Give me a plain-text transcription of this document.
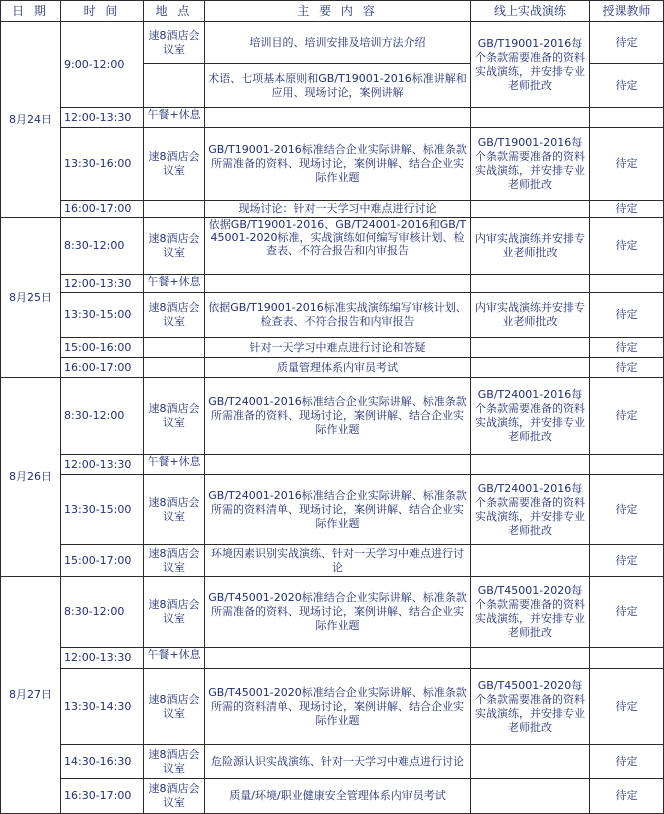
日 期	时 间	地 点	主 要 内 容	线上实战演练	授课教师
8月24日	9:00-12:00	速8酒店会议室	培训目的、培训安排及培训方法介绍	GB/T19001-2016每个条款需要准备的资料实战演练，并安排专业老师批改	待定
			术语、七项基本原则和GB/T19001-2016标准讲解和应用、现场讨论，案例讲解		待定
	12:00-13:30	午餐+休息			
	13:30-16:00	速8酒店会议室	GB/T19001-2016标准结合企业实际讲解、标准条款所需准备的资料、现场讨论，案例讲解、结合企业实际作业题	GB/T19001-2016每个条款需要准备的资料实战演练，并安排专业老师批改	待定
	16:00-17:00		现场讨论：针对一天学习中难点进行讨论		待定
8月25日	8:30-12:00	速8酒店会议室	依据GB/T19001-2016、GB/T24001-2016和GB/T45001-2020标准，实战演练如何编写审核计划、检查表、不符合报告和内审报告	内审实战演练并安排专业老师批改	待定
	12:00-13:30	午餐+休息			
	13:30-15:00	速8酒店会议室	依据GB/T19001-2016标准实战演练编写审核计划、检查表、不符合报告和内审报告	内审实战演练并安排专业老师批改	待定
	15:00-16:00		针对一天学习中难点进行讨论和答疑		待定
	16:00-17:00		质量管理体系内审员考试		待定
8月26日	8:30-12:00	速8酒店会议室	GB/T24001-2016标准结合企业实际讲解、标准条款所需准备的资料、现场讨论，案例讲解、结合企业实际作业题	GB/T24001-2016每个条款需要准备的资料实战演练，并安排专业老师批改	待定
	12:00-13:30	午餐+休息			
	13:30-15:00	速8酒店会议室	GB/T24001-2016标准结合企业实际讲解、标准条款所需的资料清单、现场讨论，案例讲解、结合企业实际作业题	GB/T24001-2016每个条款需要准备的资料实战演练，并安排专业老师批改	待定
	15:00-17:00	速8酒店会议室	环境因素识别实战演练、针对一天学习中难点进行讨论		待定
8月27日	8:30-12:00	速8酒店会议室	GB/T45001-2020标准结合企业实际讲解、标准条款所需准备的资料、现场讨论，案例讲解、结合企业实际作业题	GB/T45001-2020每个条款需要准备的资料实战演练，并安排专业老师批改	待定
	12:00-13:30	午餐+休息			
	13:30-14:30	速8酒店会议室	GB/T45001-2020标准结合企业实际讲解、标准条款所需的资料清单、现场讨论，案例讲解、结合企业实际作业题	GB/T45001-2020每个条款需要准备的资料实战演练，并安排专业老师批改	待定
	14:30-16:30	速8酒店会议室	危险源认识实战演练、针对一天学习中难点进行讨论		待定
	16:30-17:00	速8酒店会议室	质量/环境/职业健康安全管理体系内审员考试		待定
